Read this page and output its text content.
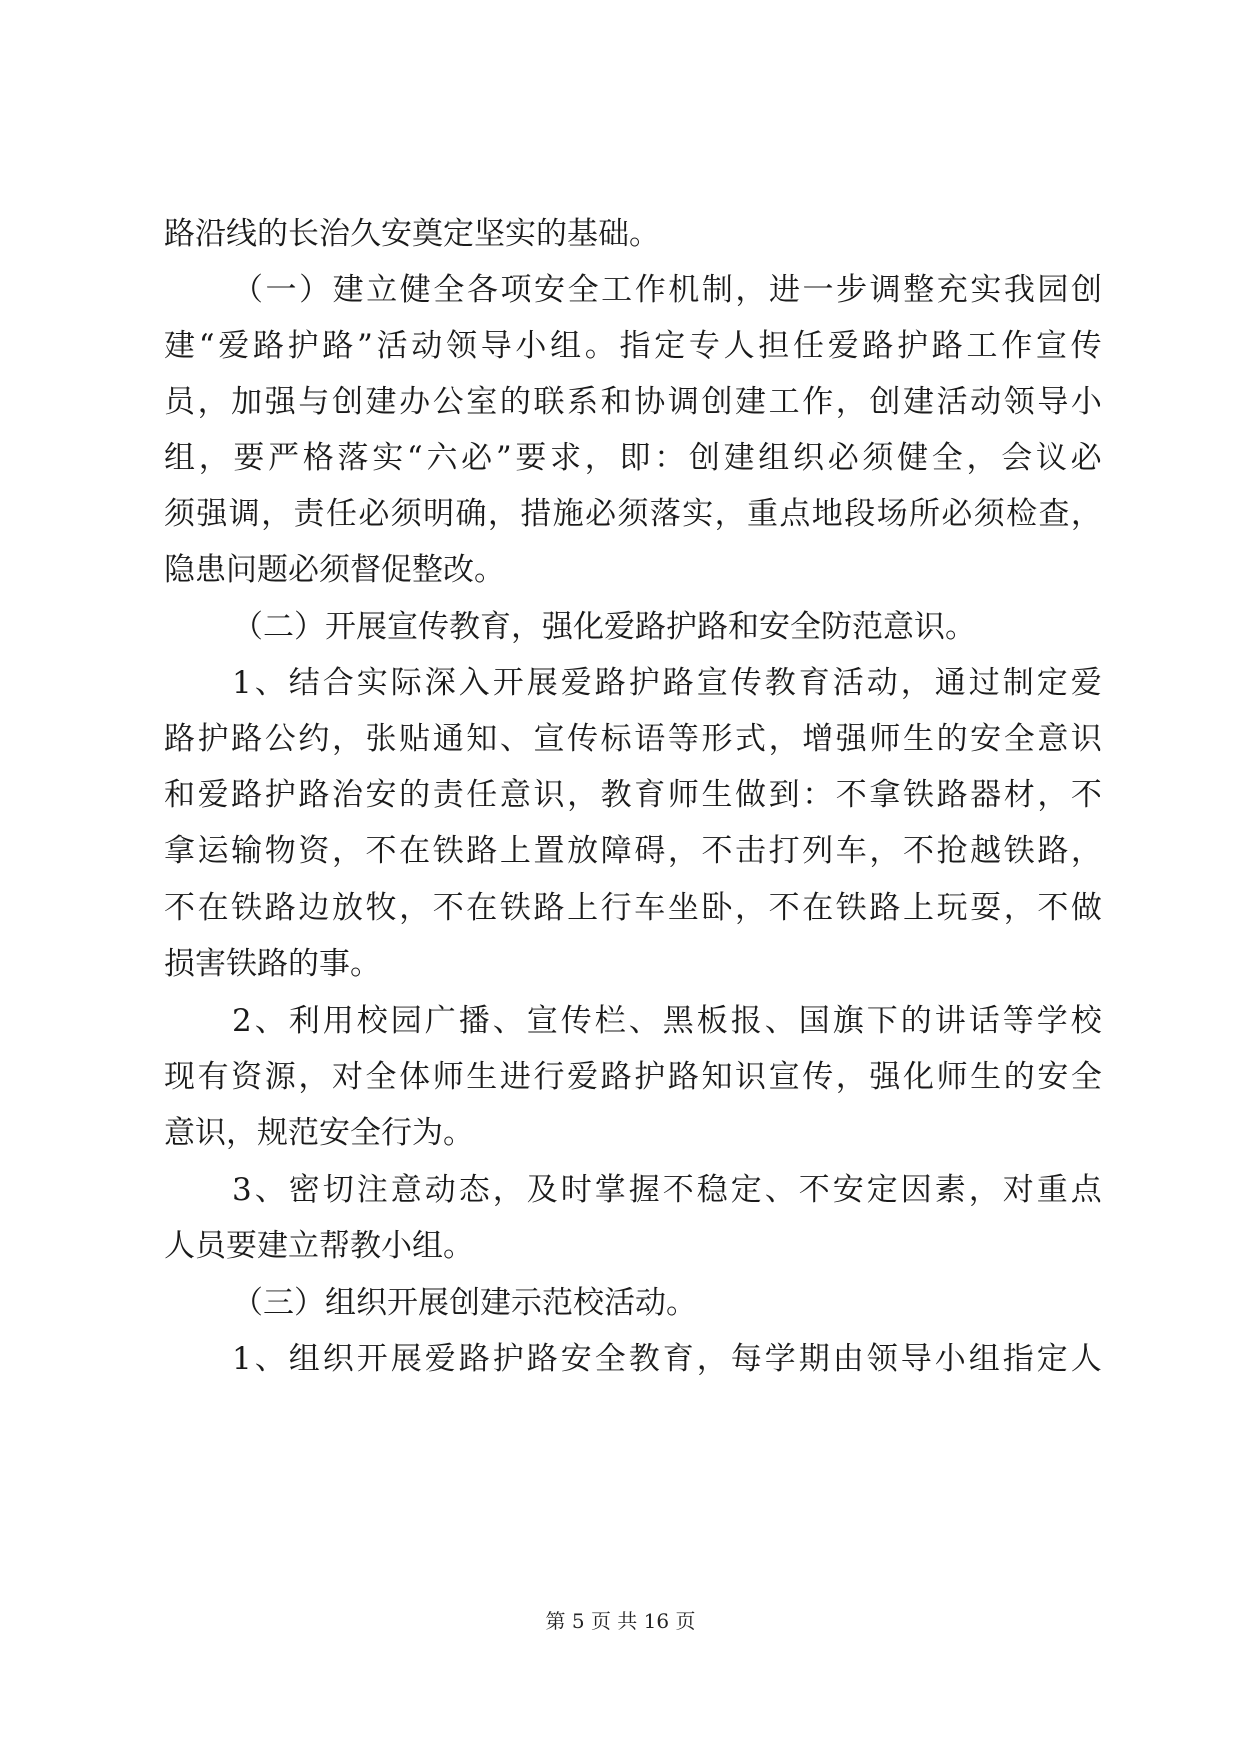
路沿线的长治久安奠定坚实的基础。
（一）建立健全各项安全工作机制，进一步调整充实我园创
建“爱路护路”活动领导小组。指定专人担任爱路护路工作宣传
员，加强与创建办公室的联系和协调创建工作，创建活动领导小
组，要严格落实“六必”要求，即：创建组织必须健全，会议必
须强调，责任必须明确，措施必须落实，重点地段场所必须检查，
隐患问题必须督促整改。
（二）开展宣传教育，强化爱路护路和安全防范意识。
1、结合实际深入开展爱路护路宣传教育活动，通过制定爱
路护路公约，张贴通知、宣传标语等形式，增强师生的安全意识
和爱路护路治安的责任意识，教育师生做到：不拿铁路器材，不
拿运输物资，不在铁路上置放障碍，不击打列车，不抢越铁路，
不在铁路边放牧，不在铁路上行车坐卧，不在铁路上玩耍，不做
损害铁路的事。
2、利用校园广播、宣传栏、黑板报、国旗下的讲话等学校
现有资源，对全体师生进行爱路护路知识宣传，强化师生的安全
意识，规范安全行为。
3、密切注意动态，及时掌握不稳定、不安定因素，对重点
人员要建立帮教小组。
（三）组织开展创建示范校活动。
1、组织开展爱路护路安全教育，每学期由领导小组指定人
第 5 页 共 16 页
